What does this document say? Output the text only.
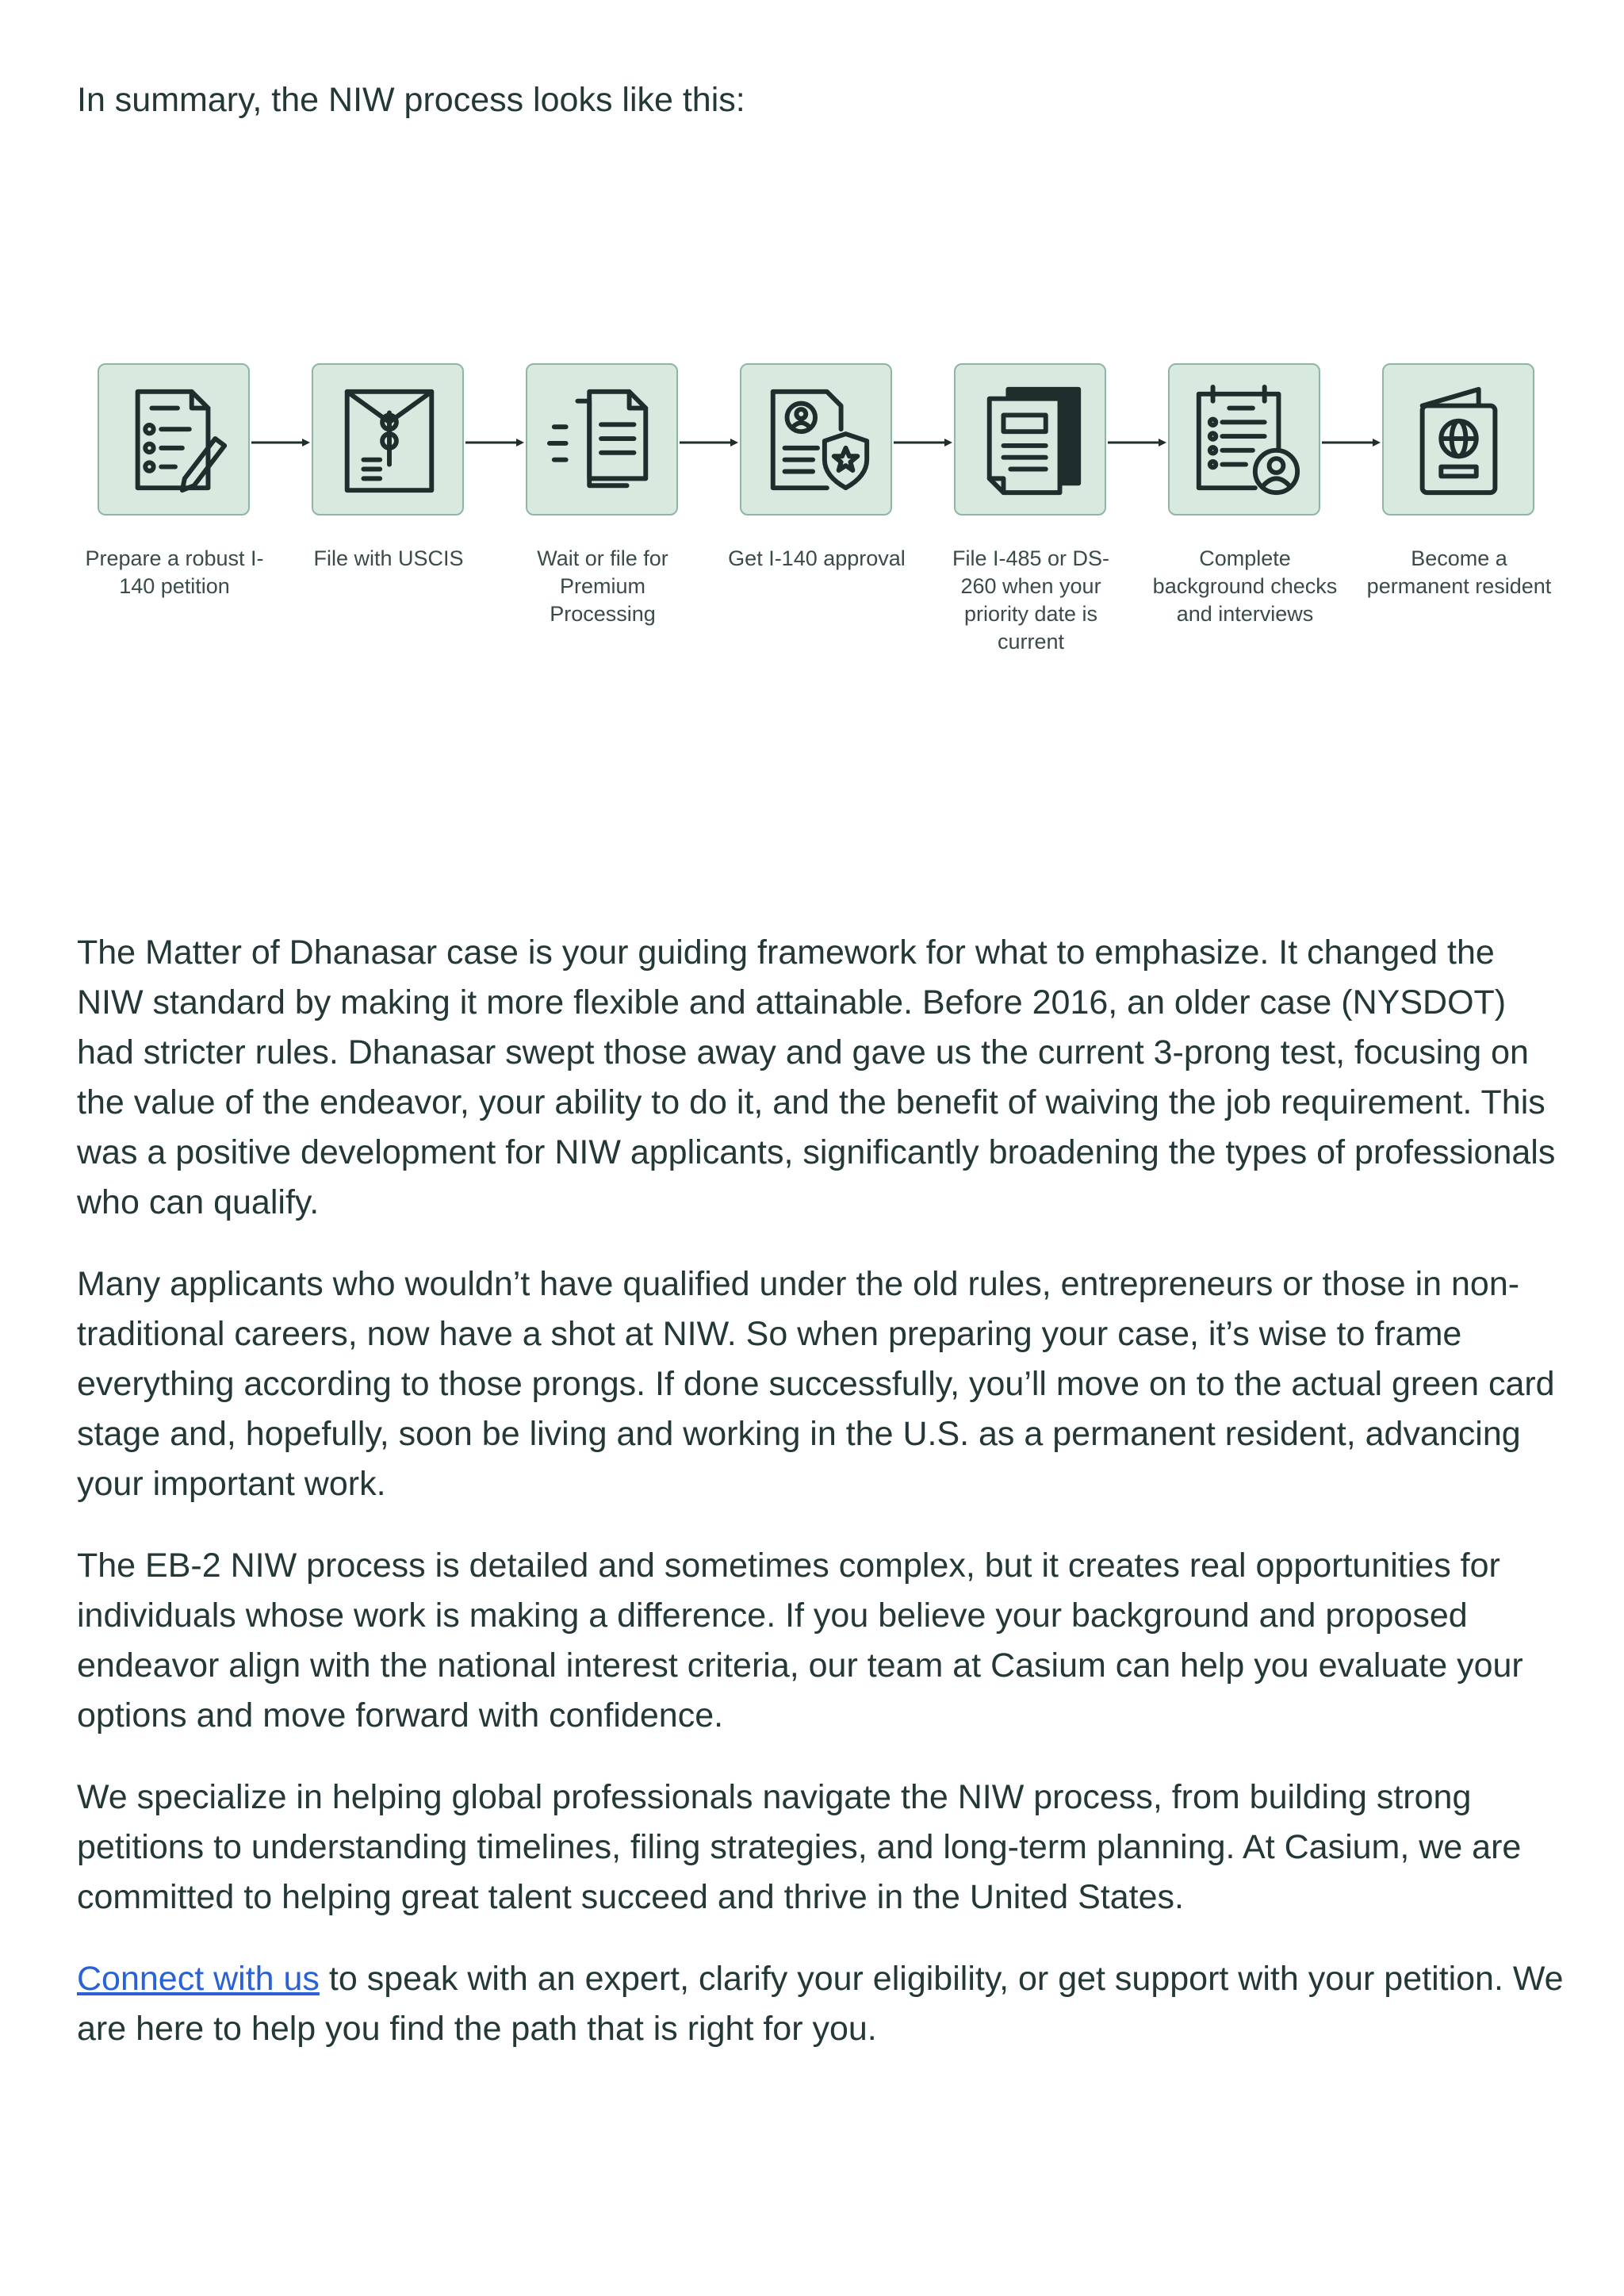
In summary, the NIW process looks like this:

Prepare a robust I-140 petition
File with USCIS	Wait or file for Premium Processing
Get I-140 approval	File I-485 or DS-260 when your priority date is current
Complete background checks and interviews
Become a permanent resident

The Matter of Dhanasar case is your guiding framework for what to emphasize. It changed the NIW standard by making it more flexible and attainable. Before 2016, an older case (NYSDOT) had stricter rules. Dhanasar swept those away and gave us the current 3-prong test, focusing on the value of the endeavor, your ability to do it, and the benefit of waiving the job requirement. This was a positive development for NIW applicants, significantly broadening the types of professionals who can qualify.

Many applicants who wouldn’t have qualified under the old rules, entrepreneurs or those in non-traditional careers, now have a shot at NIW. So when preparing your case, it’s wise to frame everything according to those prongs. If done successfully, you’ll move on to the actual green card stage and, hopefully, soon be living and working in the U.S. as a permanent resident, advancing your important work.

The EB-2 NIW process is detailed and sometimes complex, but it creates real opportunities for individuals whose work is making a difference. If you believe your background and proposed endeavor align with the national interest criteria, our team at Casium can help you evaluate your options and move forward with confidence.

We specialize in helping global professionals navigate the NIW process, from building strong petitions to understanding timelines, filing strategies, and long-term planning. At Casium, we are committed to helping great talent succeed and thrive in the United States.

Connect with us to speak with an expert, clarify your eligibility, or get support with your petition. We are here to help you find the path that is right for you.
